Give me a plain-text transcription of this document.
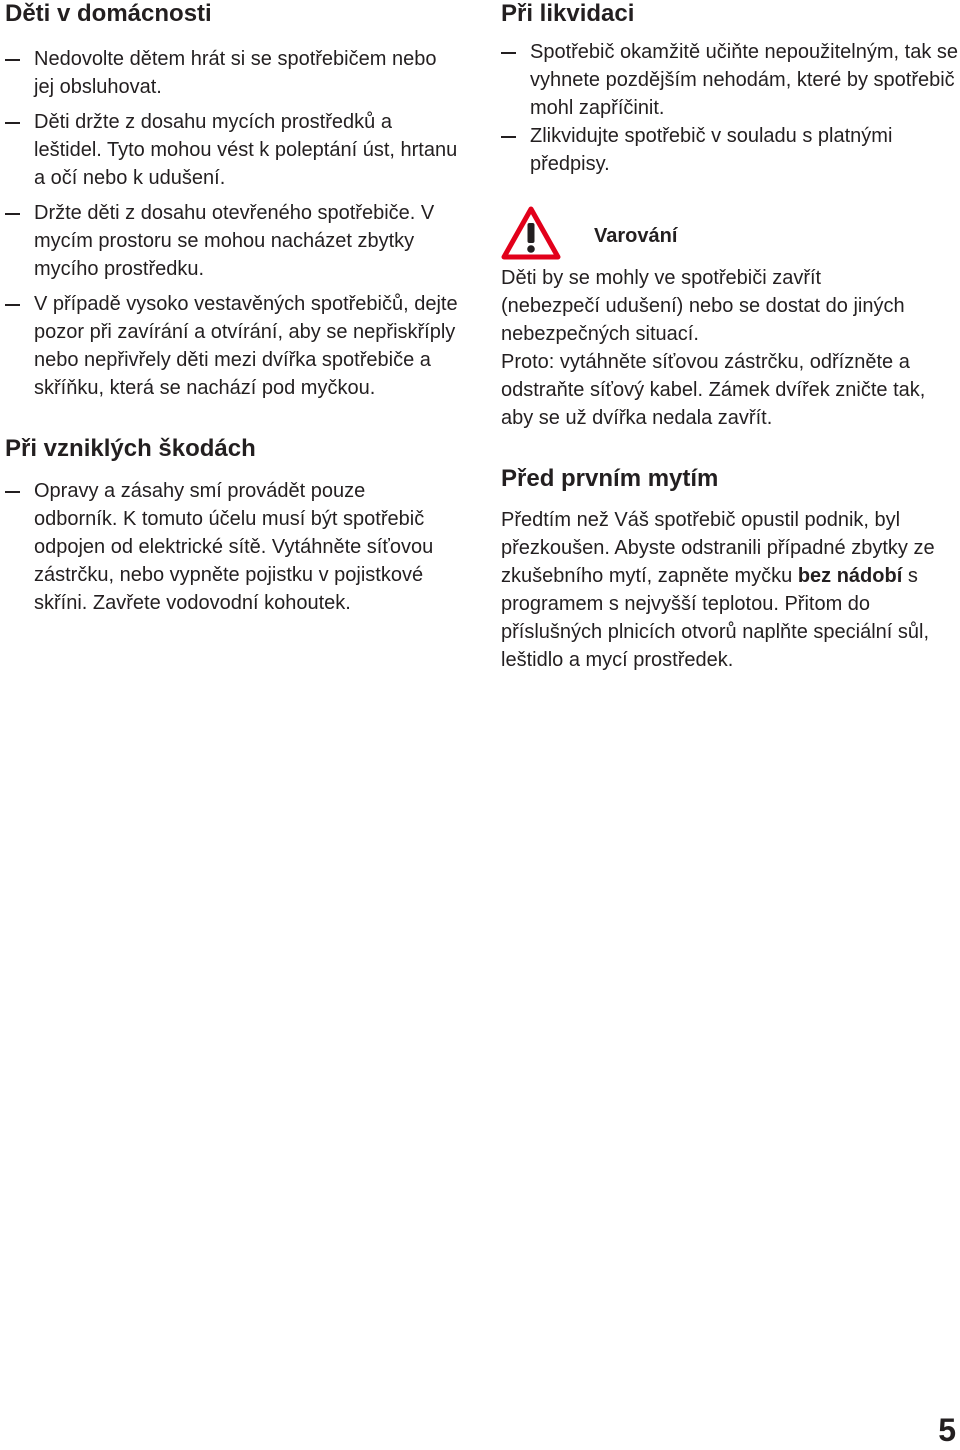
Děti v domácnosti
Nedovolte dětem hrát si se spotřebičem nebo jej obsluhovat.
Děti držte z dosahu mycích prostředků a leštidel. Tyto mohou vést k poleptání úst, hrtanu a očí nebo k udušení.
Držte děti z dosahu otevřeného spotřebiče. V mycím prostoru se mohou nacházet zbytky mycího prostředku.
V případě vysoko vestavěných spotřebičů, dejte pozor při zavírání a otvírání, aby se nepřiskříply nebo nepřivřely děti mezi dvířka spotřebiče a skříňku, která se nachází pod myčkou.
Při vzniklých škodách
Opravy a zásahy smí provádět pouze odborník. K tomuto účelu musí být spotřebič odpojen od elektrické sítě. Vytáhněte síťovou zástrčku, nebo vypněte pojistku v pojistkové skříni. Zavřete vodovodní kohoutek.
Při likvidaci
Spotřebič okamžitě učiňte nepoužitelným, tak se vyhnete pozdějším nehodám, které by spotřebič mohl zapříčinit.
Zlikvidujte spotřebič v souladu s platnými předpisy.
Varování

Děti by se mohly ve spotřebiči zavřít (nebezpečí udušení) nebo se dostat do jiných nebezpečných situací.

Proto: vytáhněte síťovou zástrčku, odřízněte a odstraňte síťový kabel. Zámek dvířek zničte tak, aby se už dvířka nedala zavřít.

Před prvním mytím

Předtím než Váš spotřebič opustil podnik, byl přezkoušen. Abyste odstranili případné zbytky ze zkušebního mytí, zapněte myčku bez nádobí s programem s nejvyšší teplotou. Přitom do příslušných plnicích otvorů naplňte speciální sůl, leštidlo a mycí prostředek.

5
